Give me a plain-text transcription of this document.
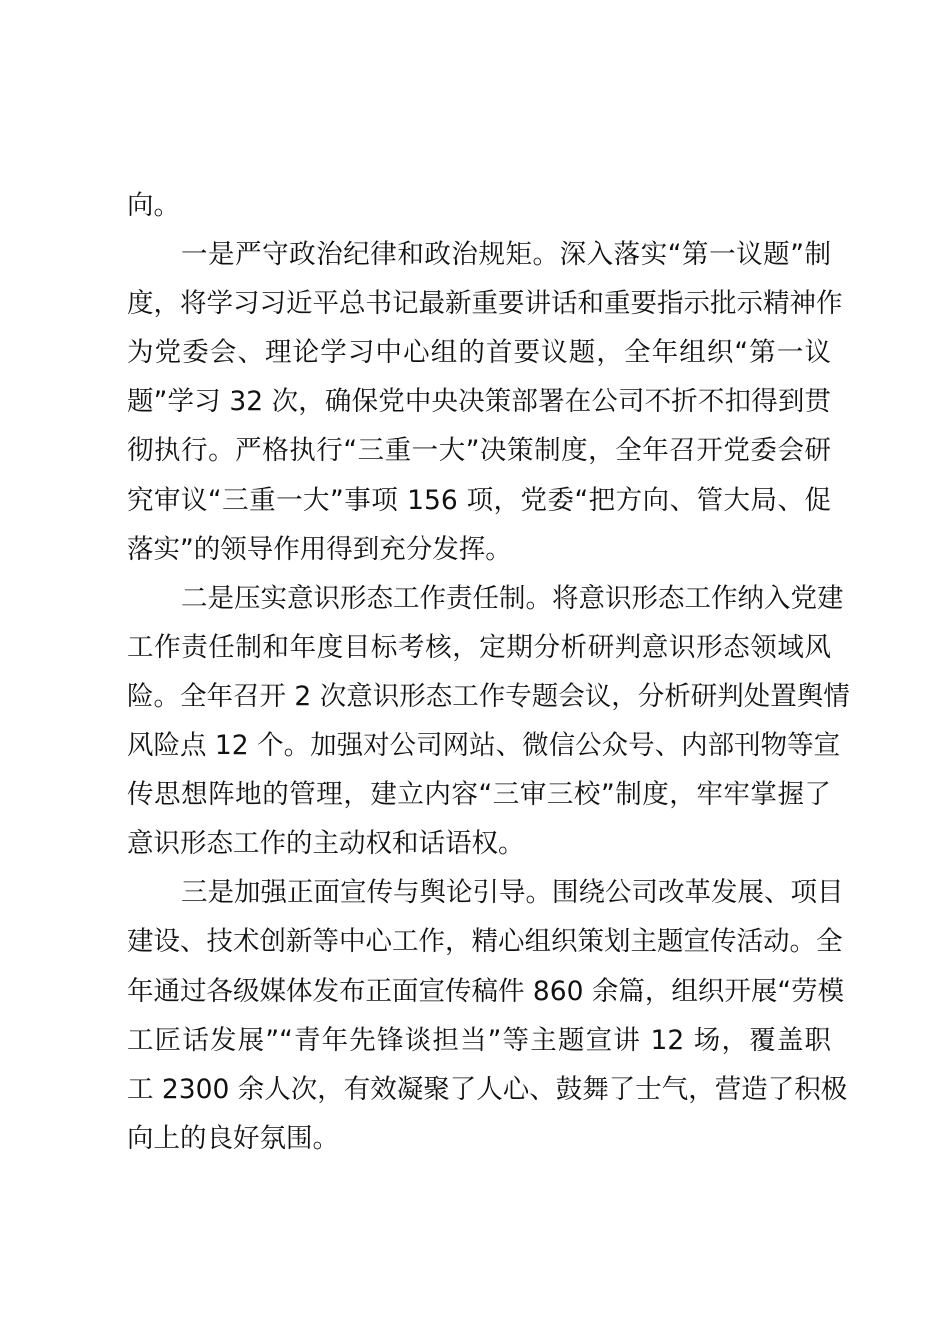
向。
一是严守政治纪律和政治规矩。深入落实“第一议题”制
度，将学习习近平总书记最新重要讲话和重要指示批示精神作
为党委会、理论学习中心组的首要议题，全年组织“第一议
题”学习 32 次，确保党中央决策部署在公司不折不扣得到贯
彻执行。严格执行“三重一大”决策制度，全年召开党委会研
究审议“三重一大”事项 156 项，党委“把方向、管大局、促
落实”的领导作用得到充分发挥。
二是压实意识形态工作责任制。将意识形态工作纳入党建
工作责任制和年度目标考核，定期分析研判意识形态领域风
险。全年召开 2 次意识形态工作专题会议，分析研判处置舆情
风险点 12 个。加强对公司网站、微信公众号、内部刊物等宣
传思想阵地的管理，建立内容“三审三校”制度，牢牢掌握了
意识形态工作的主动权和话语权。
三是加强正面宣传与舆论引导。围绕公司改革发展、项目
建设、技术创新等中心工作，精心组织策划主题宣传活动。全
年通过各级媒体发布正面宣传稿件 860 余篇，组织开展“劳模
工匠话发展”“青年先锋谈担当”等主题宣讲 12 场，覆盖职
工 2300 余人次，有效凝聚了人心、鼓舞了士气，营造了积极
向上的良好氛围。
